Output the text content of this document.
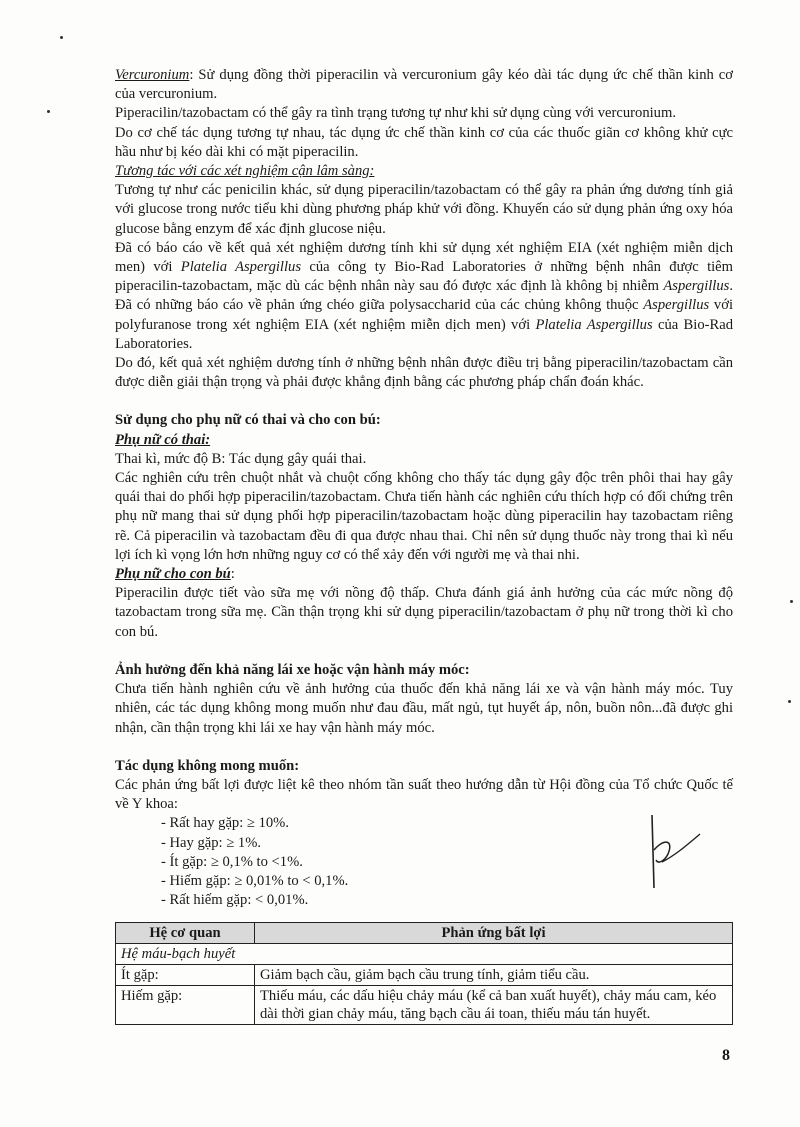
Vercuronium: Sử dụng đồng thời piperacilin và vercuronium gây kéo dài tác dụng ức chế thần kinh cơ của vercuronium.

Piperacilin/tazobactam có thể gây ra tình trạng tương tự như khi sử dụng cùng với vercuronium.

Do cơ chế tác dụng tương tự nhau, tác dụng ức chế thần kinh cơ của các thuốc giãn cơ không khử cực hầu như bị kéo dài khi có mặt piperacilin.

Tương tác với các xét nghiệm cận lâm sàng:

Tương tự như các penicilin khác, sử dụng piperacilin/tazobactam có thể gây ra phản ứng dương tính giả với glucose trong nước tiểu khi dùng phương pháp khử với đồng. Khuyến cáo sử dụng phản ứng oxy hóa glucose bằng enzym để xác định glucose niệu.

Đã có báo cáo về kết quả xét nghiệm dương tính khi sử dụng xét nghiệm EIA (xét nghiệm miễn dịch men) với Platelia Aspergillus của công ty Bio-Rad Laboratories ở những bệnh nhân được tiêm piperacilin-tazobactam, mặc dù các bệnh nhân này sau đó được xác định là không bị nhiễm Aspergillus. Đã có những báo cáo về phản ứng chéo giữa polysaccharid của các chủng không thuộc Aspergillus với polyfuranose trong xét nghiệm EIA (xét nghiệm miễn dịch men) với Platelia Aspergillus của Bio-Rad Laboratories.

Do đó, kết quả xét nghiệm dương tính ở những bệnh nhân được điều trị bằng piperacilin/tazobactam cần được diễn giải thận trọng và phải được khẳng định bằng các phương pháp chẩn đoán khác.

Sử dụng cho phụ nữ có thai và cho con bú:

Phụ nữ có thai:

Thai kì, mức độ B: Tác dụng gây quái thai.

Các nghiên cứu trên chuột nhắt và chuột cống không cho thấy tác dụng gây độc trên phôi thai hay gây quái thai do phối hợp piperacilin/tazobactam. Chưa tiến hành các nghiên cứu thích hợp có đối chứng trên phụ nữ mang thai sử dụng phối hợp piperacilin/tazobactam hoặc dùng piperacilin hay tazobactam riêng rẽ. Cả piperacilin và tazobactam đều đi qua được nhau thai. Chỉ nên sử dụng thuốc này trong thai kì nếu lợi ích kì vọng lớn hơn những nguy cơ có thể xảy đến với người mẹ và thai nhi.

Phụ nữ cho con bú:

Piperacilin được tiết vào sữa mẹ với nồng độ thấp. Chưa đánh giá ảnh hưởng của các mức nồng độ tazobactam trong sữa mẹ. Cần thận trọng khi sử dụng piperacilin/tazobactam ở phụ nữ trong thời kì cho con bú.

Ảnh hưởng đến khả năng lái xe hoặc vận hành máy móc:

Chưa tiến hành nghiên cứu về ảnh hưởng của thuốc đến khả năng lái xe và vận hành máy móc. Tuy nhiên, các tác dụng không mong muốn như đau đầu, mất ngủ, tụt huyết áp, nôn, buồn nôn...đã được ghi nhận, cần thận trọng khi lái xe hay vận hành máy móc.

Tác dụng không mong muốn:

Các phản ứng bất lợi được liệt kê theo nhóm tần suất theo hướng dẫn từ Hội đồng của Tổ chức Quốc tế về Y khoa:

- Rất hay gặp: ≥ 10%.
- Hay gặp: ≥ 1%.
- Ít gặp: ≥ 0,1% to <1%.
- Hiếm gặp: ≥ 0,01% to < 0,1%.
- Rất hiếm gặp: < 0,01%.
Hệ cơ quan	Phản ứng bất lợi
Hệ máu-bạch huyết	
Ít gặp:	Giảm bạch cầu, giảm bạch cầu trung tính, giảm tiểu cầu.
Hiếm gặp:	Thiếu máu, các dấu hiệu chảy máu (kể cả ban xuất huyết), chảy máu cam, kéo dài thời gian chảy máu, tăng bạch cầu ái toan, thiếu máu tán huyết.
8
